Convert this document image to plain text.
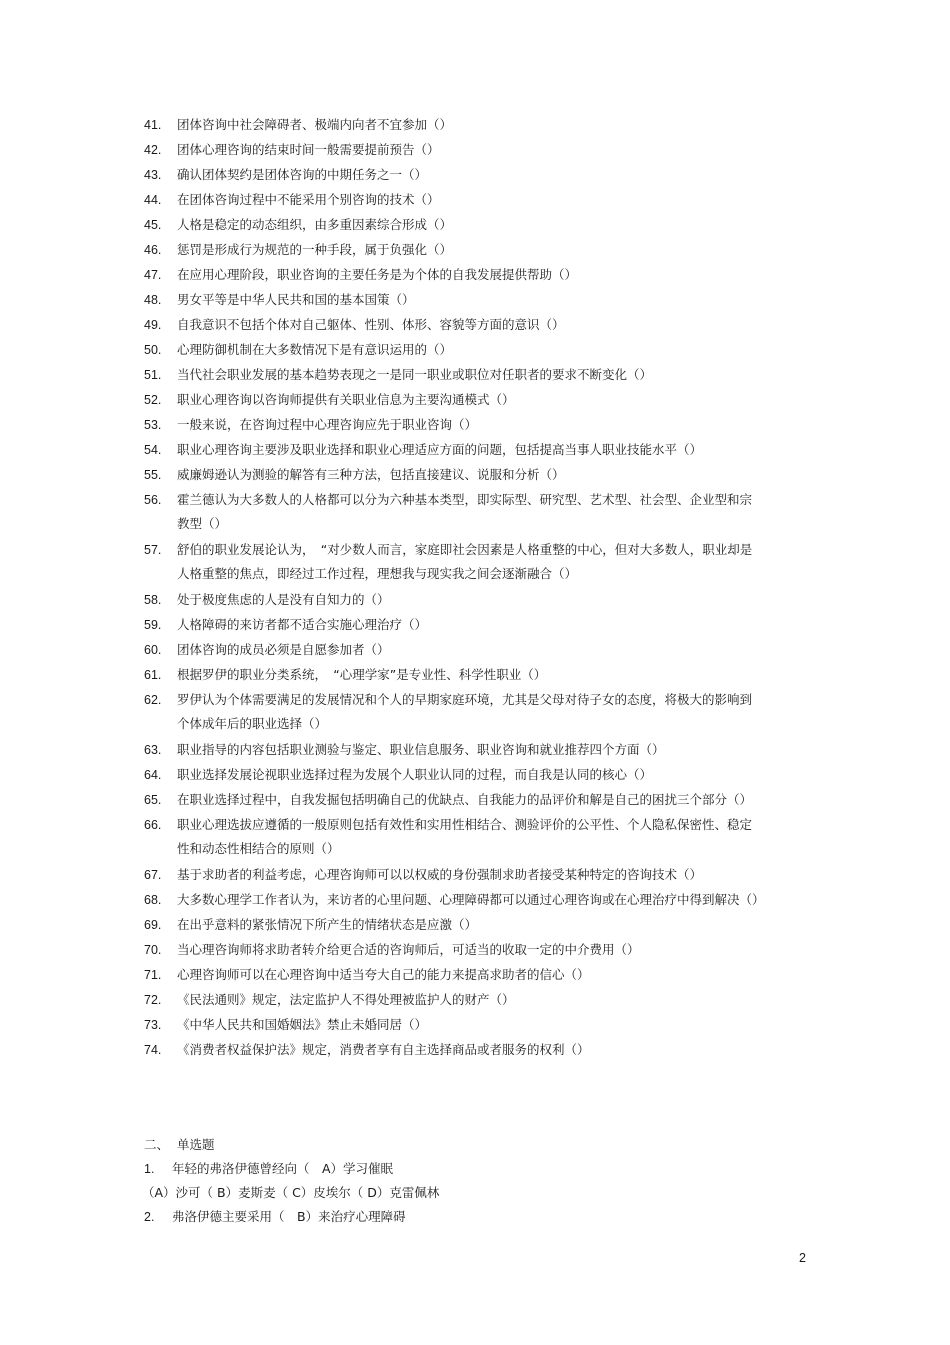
41.	团体咨询中社会障碍者、极端内向者不宜参加（）
42.	团体心理咨询的结束时间一般需要提前预告（）
43.	确认团体契约是团体咨询的中期任务之一（）
44.	在团体咨询过程中不能采用个别咨询的技术（）
45.	人格是稳定的动态组织，由多重因素综合形成（）
46.	惩罚是形成行为规范的一种手段，属于负强化（）
47.	在应用心理阶段，职业咨询的主要任务是为个体的自我发展提供帮助（）
48.	男女平等是中华人民共和国的基本国策（）
49.	自我意识不包括个体对自己躯体、性别、体形、容貌等方面的意识（）
50.	心理防御机制在大多数情况下是有意识运用的（）
51.	当代社会职业发展的基本趋势表现之一是同一职业或职位对任职者的要求不断变化（）
52.	职业心理咨询以咨询师提供有关职业信息为主要沟通模式（）
53.	一般来说，在咨询过程中心理咨询应先于职业咨询（）
54.	职业心理咨询主要涉及职业选择和职业心理适应方面的问题，包括提高当事人职业技能水平（）
55.	威廉姆逊认为测验的解答有三种方法，包括直接建议、说服和分析（）
56.	霍兰德认为大多数人的人格都可以分为六种基本类型，即实际型、研究型、艺术型、社会型、企业型和宗教型（）
57.	舒伯的职业发展论认为，　“对少数人而言，家庭即社会因素是人格重整的中心，但对大多数人，职业却是人格重整的焦点，即经过工作过程，理想我与现实我之间会逐渐融合（）
58.	处于极度焦虑的人是没有自知力的（）
59.	人格障碍的来访者都不适合实施心理治疗（）
60.	团体咨询的成员必须是自愿参加者（）
61.	根据罗伊的职业分类系统，　“心理学家”是专业性、科学性职业（）
62.	罗伊认为个体需要满足的发展情况和个人的早期家庭环境，尤其是父母对待子女的态度，将极大的影响到个体成年后的职业选择（）
63.	职业指导的内容包括职业测验与鉴定、职业信息服务、职业咨询和就业推荐四个方面（）
64.	职业选择发展论视职业选择过程为发展个人职业认同的过程，而自我是认同的核心（）
65.	在职业选择过程中，自我发掘包括明确自己的优缺点、自我能力的品评价和解是自己的困扰三个部分（）
66.	职业心理选拔应遵循的一般原则包括有效性和实用性相结合、测验评价的公平性、个人隐私保密性、稳定性和动态性相结合的原则（）
67.	基于求助者的利益考虑，心理咨询师可以以权威的身份强制求助者接受某种特定的咨询技术（）
68.	大多数心理学工作者认为，来访者的心里问题、心理障碍都可以通过心理咨询或在心理治疗中得到解决（）
69.	在出乎意料的紧张情况下所产生的情绪状态是应激（）
70.	当心理咨询师将求助者转介给更合适的咨询师后，可适当的收取一定的中介费用（）
71.	心理咨询师可以在心理咨询中适当夸大自己的能力来提高求助者的信心（）
72.	《民法通则》规定，法定监护人不得处理被监护人的财产（）
73.	《中华人民共和国婚姻法》禁止未婚同居（）
74.	《消费者权益保护法》规定，消费者享有自主选择商品或者服务的权利（）
二、 单选题
1.	年轻的弗洛伊德曾经向（　A）学习催眠
（A）沙可（ B）麦斯麦（ C）皮埃尔（ D）克雷佩林
2.	弗洛伊德主要采用（　B）来治疗心理障碍
2
